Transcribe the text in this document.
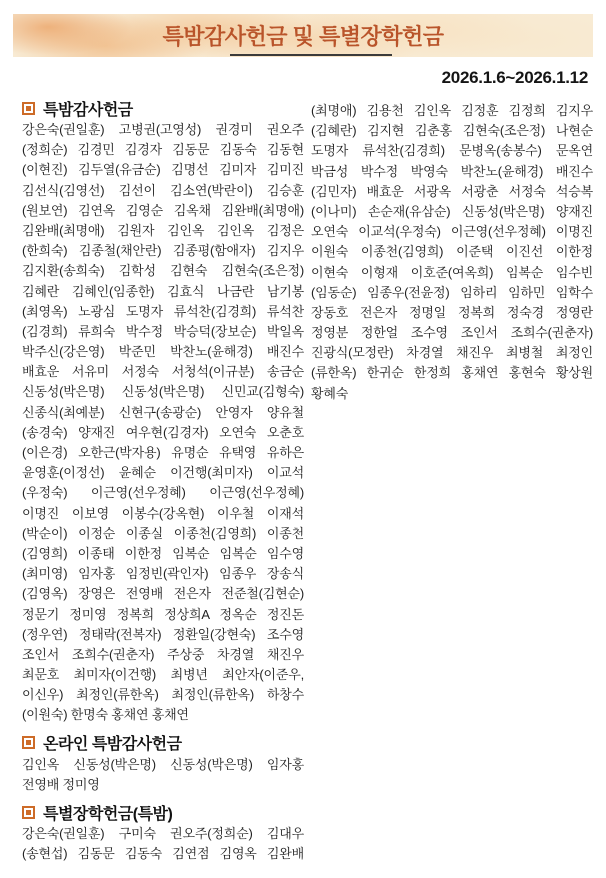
특밤감사헌금 및 특별장학헌금
2026.1.6~2026.1.12
특밤감사헌금
강은숙(권일훈) 고병권(고영성) 권경미 권오주
(정희순) 김경민 김경자 김동문 김동숙 김동현
(이현진) 김두열(유금순) 김명선 김미자 김미진
김선식(김영선) 김선이 김소연(박란이) 김승훈
(원보연) 김연옥 김영순 김옥채 김완배(최명애)
김완배(최명애) 김원자 김인옥 김인옥 김정은
(한희숙) 김종철(채안란) 김종평(함애자) 김지우
김지환(송희숙) 김학성 김현숙 김현숙(조은정)
김혜란 김혜인(임종한) 김효식 나금란 남기봉
(최영옥) 노광심 도명자 류석찬(김경희) 류석찬
(김경희) 류희숙 박수정 박승덕(장보순) 박일옥
박주신(강은영) 박준민 박찬노(윤해경) 배진수
배효운 서유미 서정숙 서청석(이규분) 송금순
신동성(박은명) 신동성(박은명) 신민교(김형숙)
신종식(최예분) 신현구(송광순) 안영자 양유철
(송경숙) 양재진 여우현(김경자) 오연숙 오춘호
(이은경) 오한근(박자용) 유명순 유택영 유하은
윤영훈(이정선) 윤혜순 이건행(최미자) 이교석
(우정숙) 이근영(선우정혜) 이근영(선우정혜)
이명진 이보영 이봉수(강옥현) 이우철 이재석
(박순이) 이정순 이종실 이종천(김영희) 이종천
(김영희) 이종태 이한정 임복순 임복순 임수영
(최미영) 임자홍 임정빈(곽인자) 임종우 장송식
(김영옥) 장영은 전영배 전은자 전준철(김현순)
정문기 정미영 정복희 정상희A 정옥순 정진돈
(정우연) 정태락(전복자) 정환일(강현숙) 조수영
조인서 조희수(권춘자) 주상중 차경열 채진우
최문호 최미자(이건행) 최병년 최안자(이준우,
이신우) 최정인(류한옥) 최정인(류한옥) 하창수
(이원숙) 한명숙 홍채연 홍채연
온라인 특밤감사헌금
김인옥 신동성(박은명) 신동성(박은명) 임자홍
전영배 정미영
특별장학헌금(특밤)
강은숙(권일훈) 구미숙 권오주(정희순) 김대우
(송현섭) 김동문 김동숙 김연점 김영옥 김완배
(최명애) 김용천 김인옥 김정훈 김정희 김지우
(김혜란) 김지현 김춘홍 김현숙(조은정) 나현순
도명자 류석찬(김경희) 문병옥(송봉수) 문옥연
박금성 박수정 박영숙 박찬노(윤해경) 배진수
(김민자) 배효운 서광옥 서광춘 서정숙 석승복
(이나미) 손순재(유삼순) 신동성(박은명) 양재진
오연숙 이교석(우정숙) 이근영(선우정혜) 이명진
이원숙 이종천(김영희) 이준택 이진선 이한정
이현숙 이형재 이호준(여옥희) 임복순 임수빈
(임동순) 임종우(전윤정) 임하리 임하민 임학수
장동호 전은자 정명일 정복희 정숙경 정영란
정영분 정한얼 조수영 조인서 조희수(권춘자)
진광식(모정란) 차경열 채진우 최병철 최정인
(류한옥) 한귀순 한정희 홍채연 홍현숙 황상원
황혜숙
